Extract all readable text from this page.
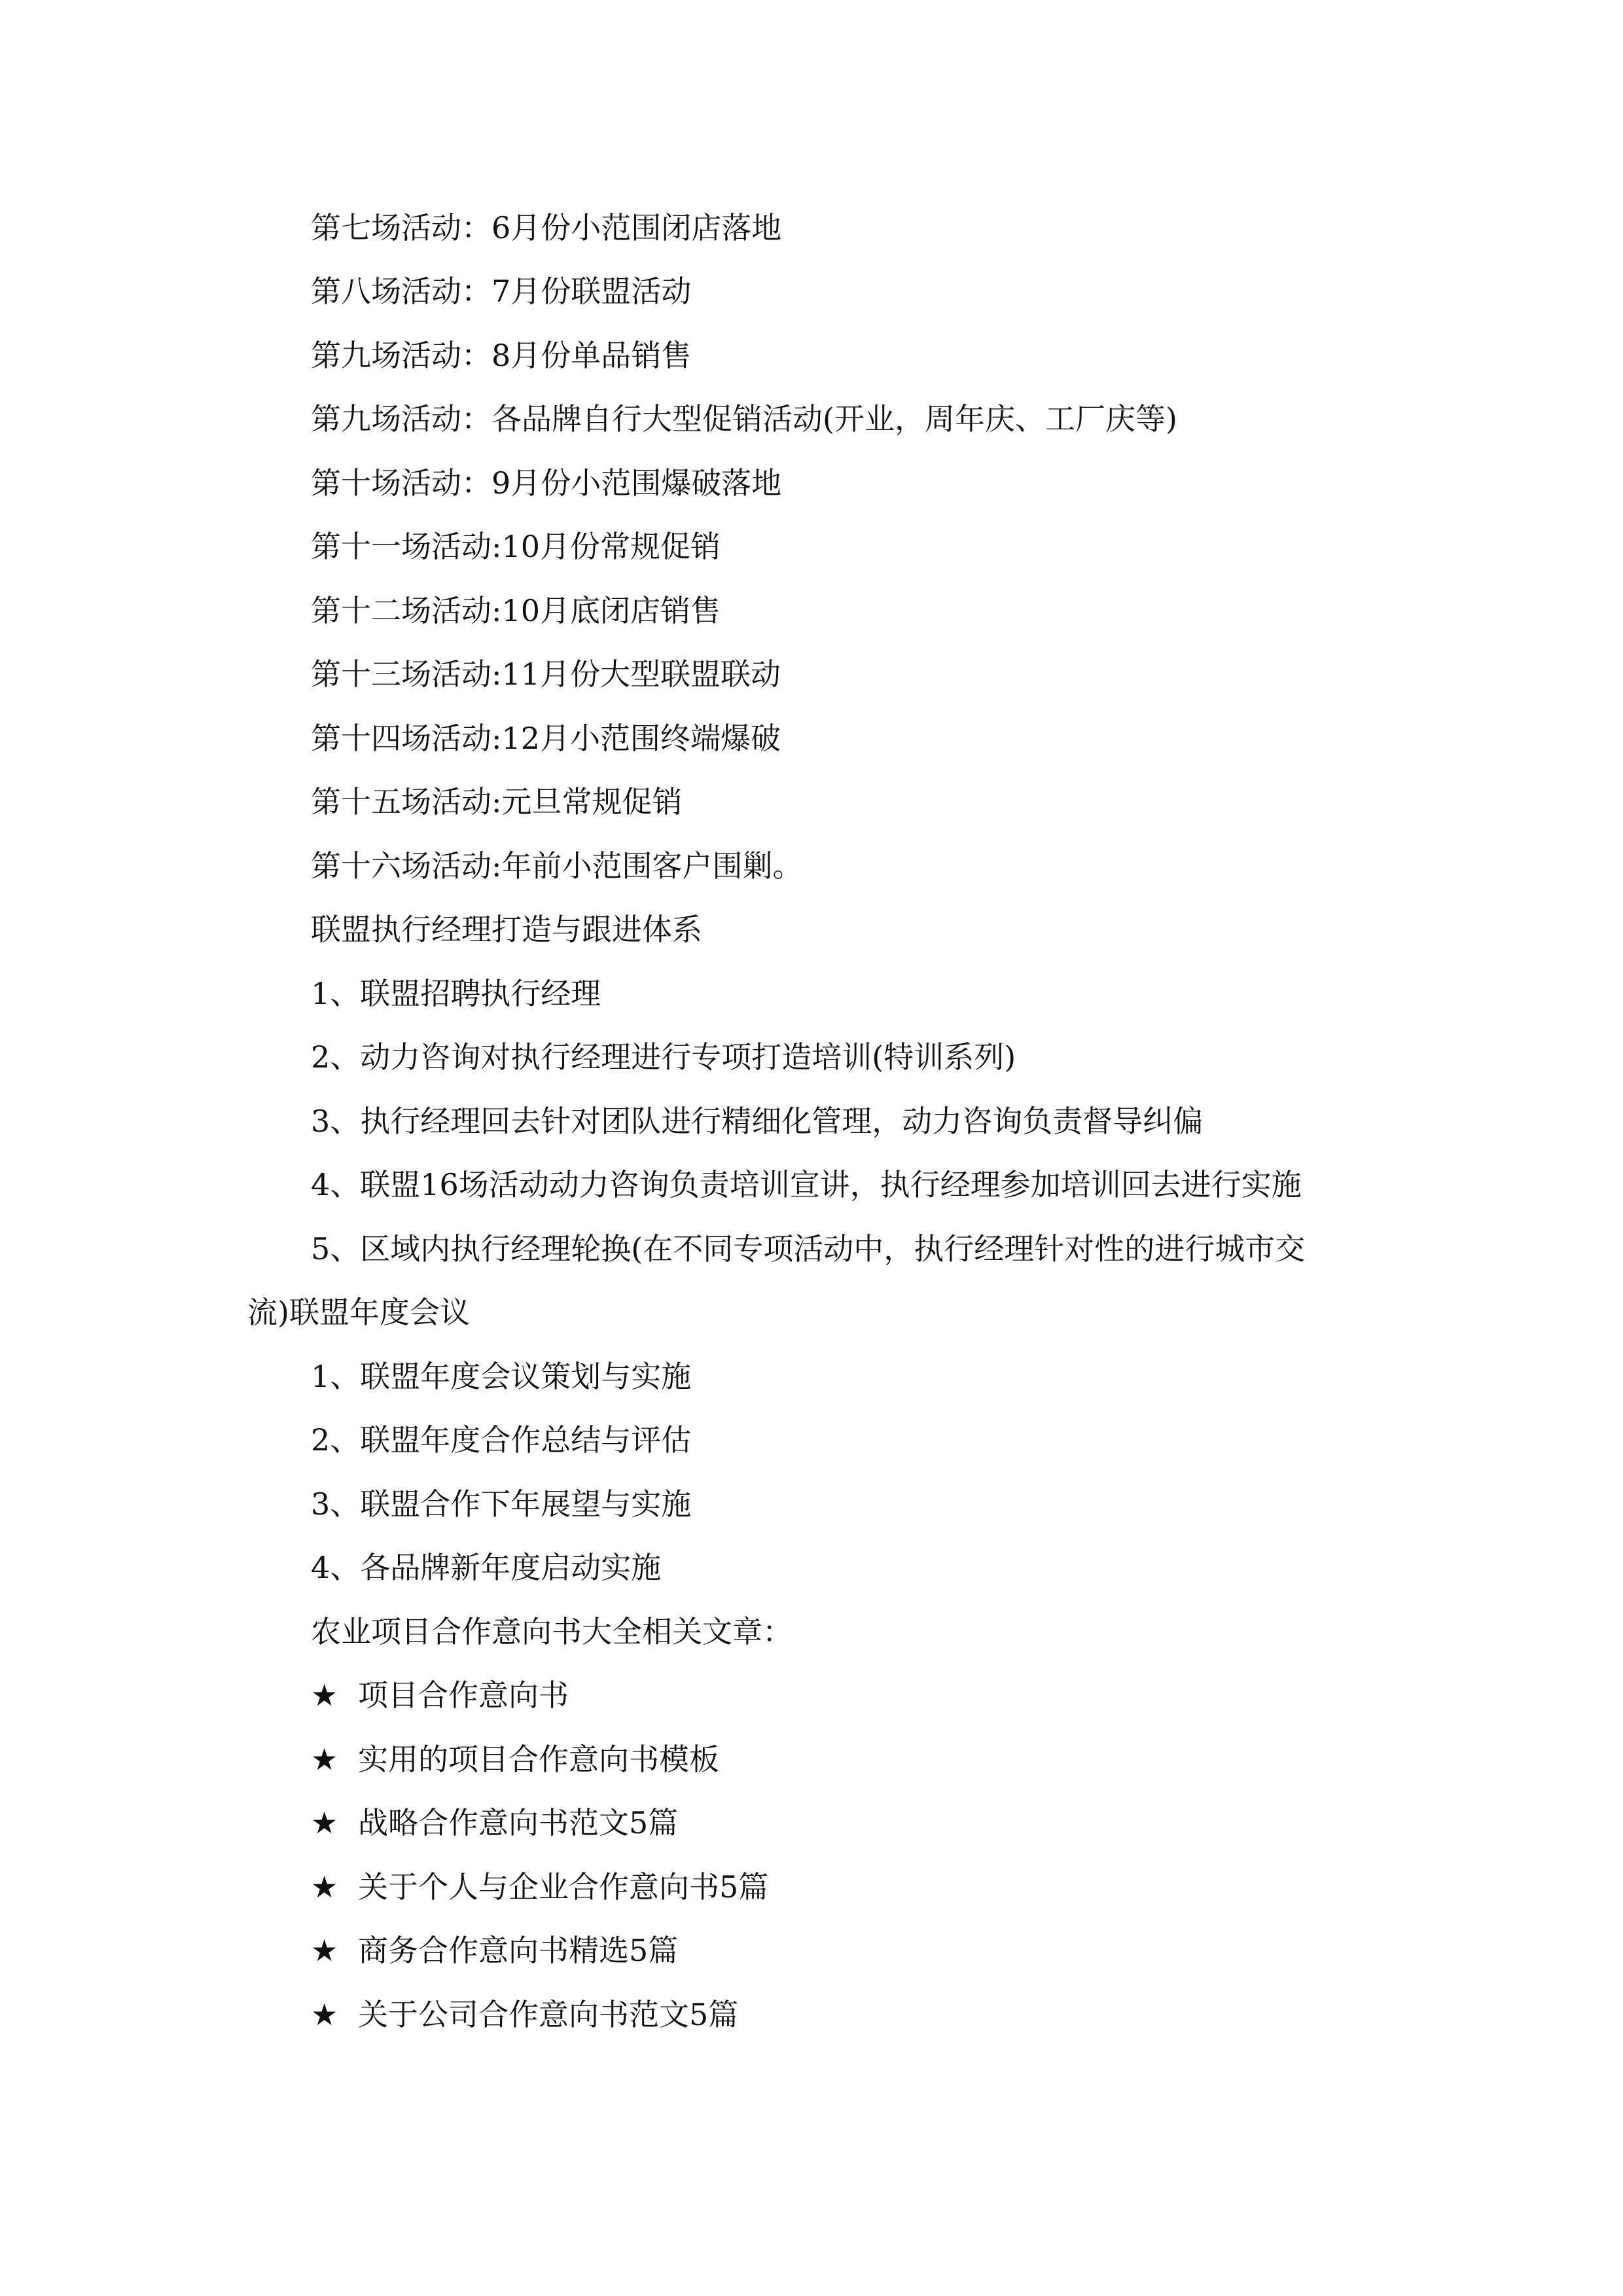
第七场活动：6月份小范围闭店落地
第八场活动：7月份联盟活动
第九场活动：8月份单品销售
第九场活动：各品牌自行大型促销活动(开业，周年庆、工厂庆等)
第十场活动：9月份小范围爆破落地
第十一场活动:10月份常规促销
第十二场活动:10月底闭店销售
第十三场活动:11月份大型联盟联动
第十四场活动:12月小范围终端爆破
第十五场活动:元旦常规促销
第十六场活动:年前小范围客户围剿。
联盟执行经理打造与跟进体系
1、联盟招聘执行经理
2、动力咨询对执行经理进行专项打造培训(特训系列)
3、执行经理回去针对团队进行精细化管理，动力咨询负责督导纠偏
4、联盟16场活动动力咨询负责培训宣讲，执行经理参加培训回去进行实施
5、区域内执行经理轮换(在不同专项活动中，执行经理针对性的进行城市交
流)联盟年度会议
1、联盟年度会议策划与实施
2、联盟年度合作总结与评估
3、联盟合作下年展望与实施
4、各品牌新年度启动实施
农业项目合作意向书大全相关文章：
★ 项目合作意向书
★ 实用的项目合作意向书模板
★ 战略合作意向书范文5篇
★ 关于个人与企业合作意向书5篇
★ 商务合作意向书精选5篇
★ 关于公司合作意向书范文5篇
